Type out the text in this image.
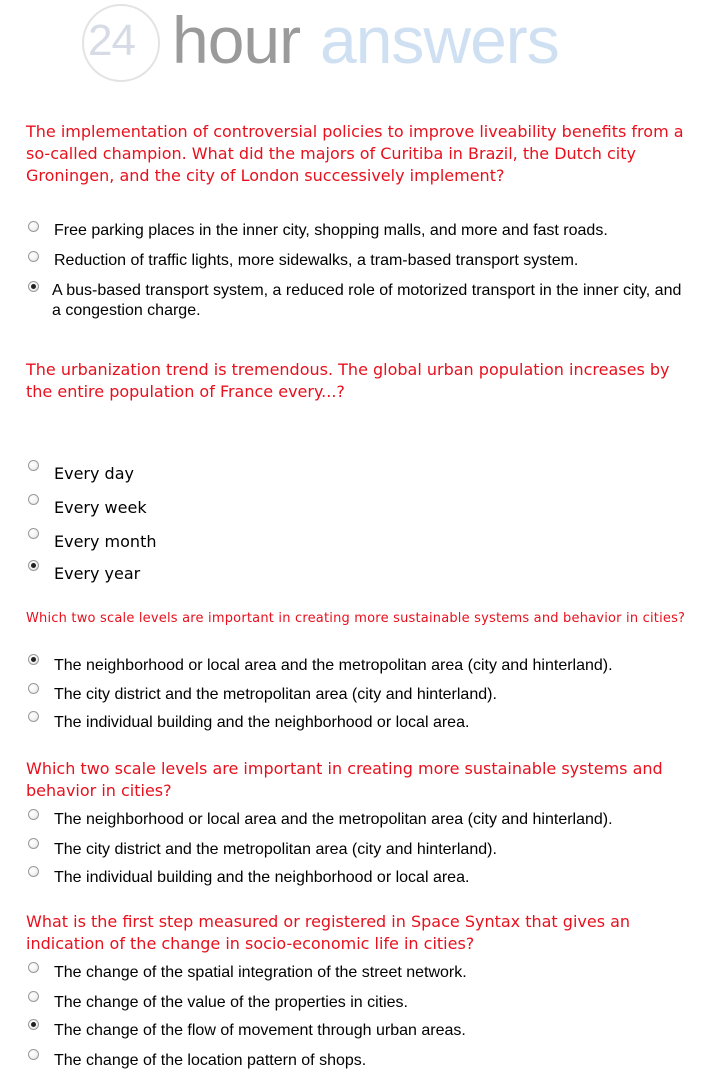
24 hour answers
The implementation of controversial policies to improve liveability benefits from a so-called champion. What did the majors of Curitiba in Brazil, the Dutch city Groningen, and the city of London successively implement?
Free parking places in the inner city, shopping malls, and more and fast roads.
Reduction of traffic lights, more sidewalks, a tram-based transport system.
A bus-based transport system, a reduced role of motorized transport in the inner city, and a congestion charge.
The urbanization trend is tremendous. The global urban population increases by the entire population of France every...?
Every day
Every week
Every month
Every year
Which two scale levels are important in creating more sustainable systems and behavior in cities?
The neighborhood or local area and the metropolitan area (city and hinterland).
The city district and the metropolitan area (city and hinterland).
The individual building and the neighborhood or local area.
Which two scale levels are important in creating more sustainable systems and behavior in cities?
The neighborhood or local area and the metropolitan area (city and hinterland).
The city district and the metropolitan area (city and hinterland).
The individual building and the neighborhood or local area.
What is the first step measured or registered in Space Syntax that gives an indication of the change in socio-economic life in cities?
The change of the spatial integration of the street network.
The change of the value of the properties in cities.
The change of the flow of movement through urban areas.
The change of the location pattern of shops.
